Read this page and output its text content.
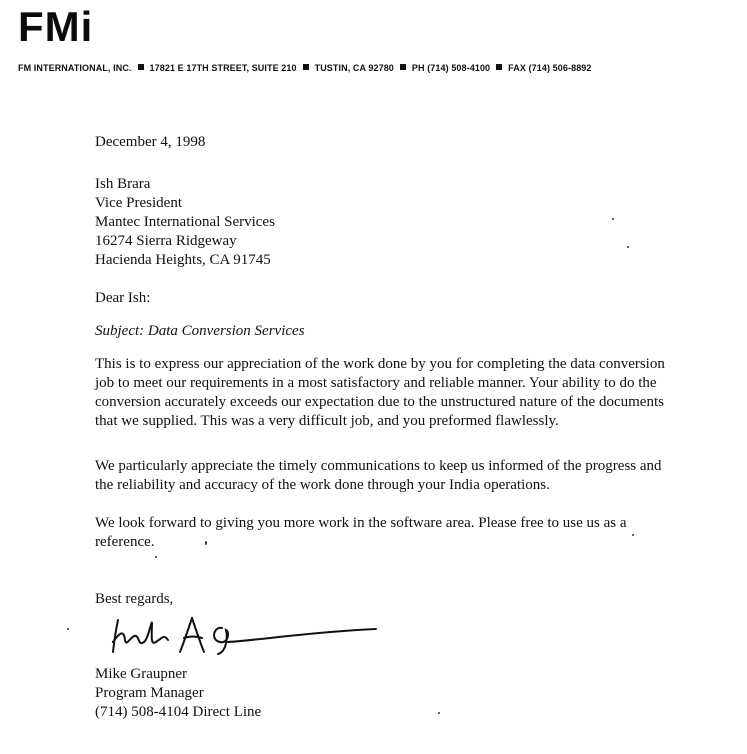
FMi
FM INTERNATIONAL, INC. 17821 E 17TH STREET, SUITE 210 TUSTIN, CA 92780 PH (714) 508-4100 FAX (714) 506-8892
December 4, 1998
Ish Brara
Vice President
Mantec International Services
16274 Sierra Ridgeway
Hacienda Heights, CA 91745
Dear Ish:
Subject: Data Conversion Services
This is to express our appreciation of the work done by you for completing the data conversion
job to meet our requirements in a most satisfactory and reliable manner. Your ability to do the
conversion accurately exceeds our expectation due to the unstructured nature of the documents
that we supplied. This was a very difficult job, and you preformed flawlessly.
We particularly appreciate the timely communications to keep us informed of the progress and
the reliability and accuracy of the work done through your India operations.
We look forward to giving you more work in the software area. Please free to use us as a
reference.
Best regards,
Mike Graupner
Program Manager
(714) 508-4104 Direct Line
